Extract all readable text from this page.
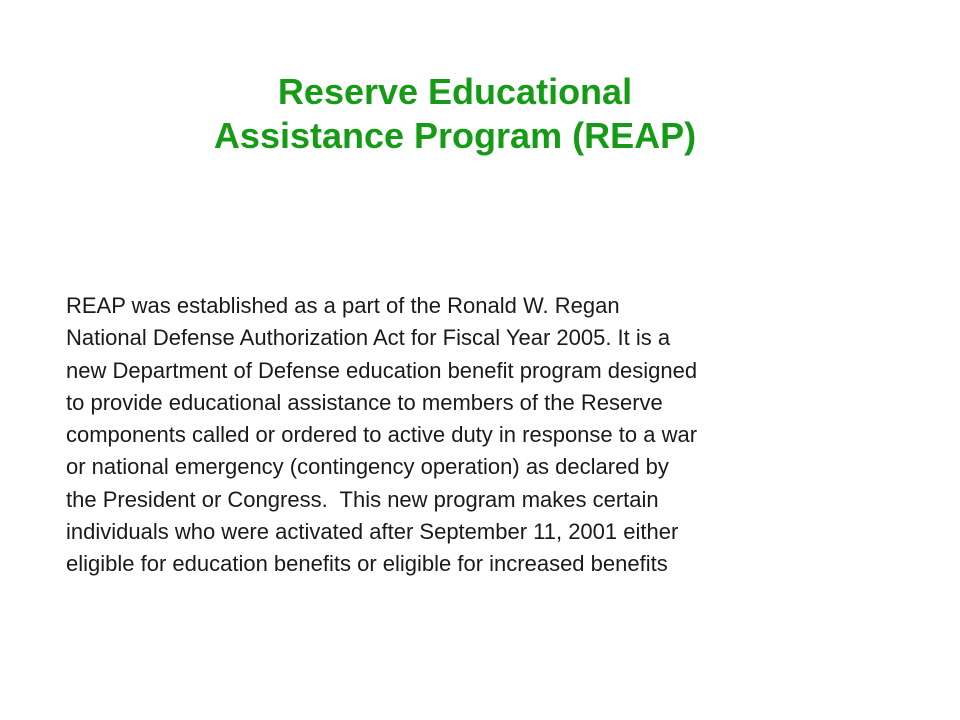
Reserve Educational
Assistance Program (REAP)

REAP was established as a part of the Ronald W. Regan
National Defense Authorization Act for Fiscal Year 2005. It is a
new Department of Defense education benefit program designed
to provide educational assistance to members of the Reserve
components called or ordered to active duty in response to a war
or national emergency (contingency operation) as declared by
the President or Congress.  This new program makes certain
individuals who were activated after September 11, 2001 either
eligible for education benefits or eligible for increased benefits
